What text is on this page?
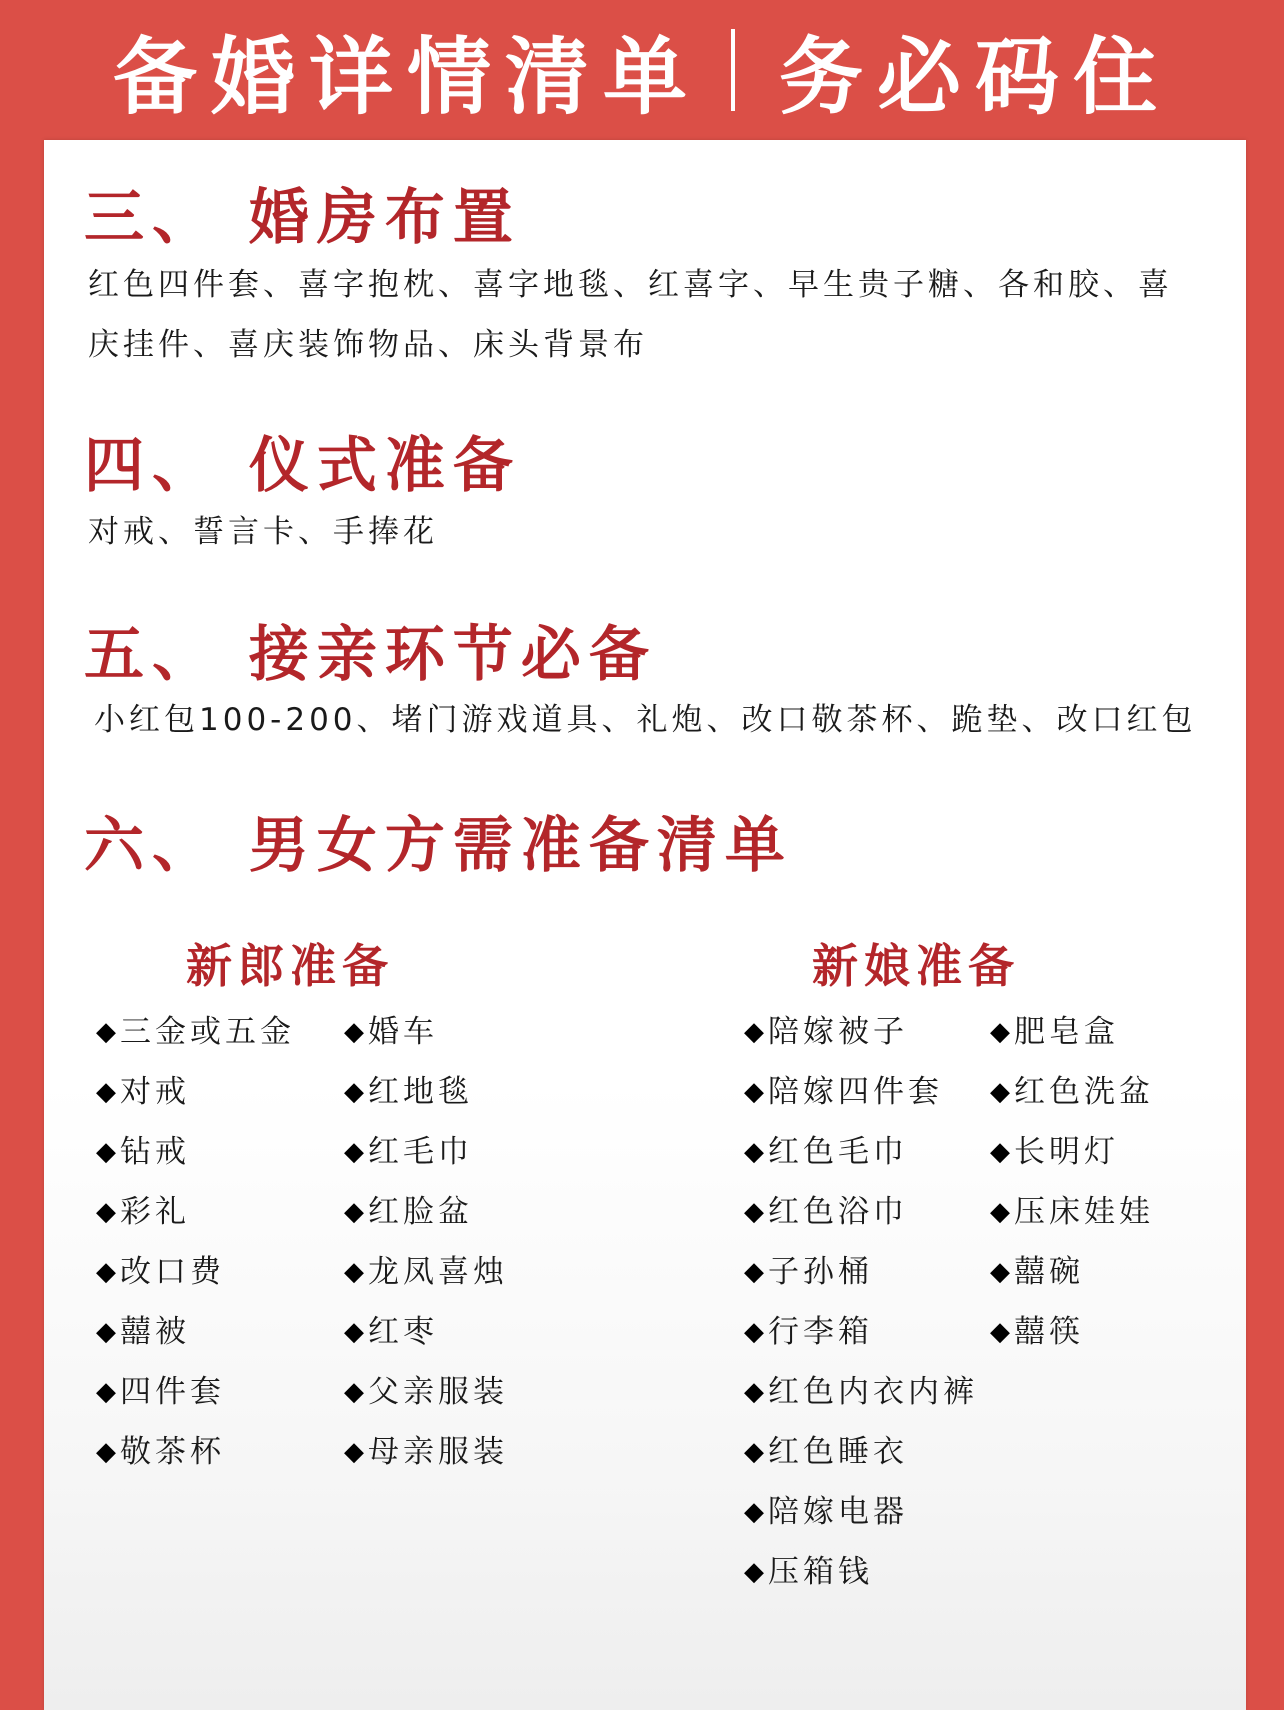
备婚详情清单 务必码住
三、 婚房布置
红色四件套、喜字抱枕、喜字地毯、红喜字、早生贵子糖、各和胶、喜
庆挂件、喜庆装饰物品、床头背景布
四、 仪式准备
对戒、誓言卡、手捧花
五、 接亲环节必备
小红包100-200、堵门游戏道具、礼炮、改口敬茶杯、跪垫、改口红包
六、 男女方需准备清单
新郎准备	新娘准备
◆ 三金或五金
◆ 对戒
◆ 钻戒
◆ 彩礼
◆ 改口费
◆ 囍被
◆ 四件套
◆ 敬茶杯
◆ 婚车
◆ 红地毯
◆ 红毛巾
◆ 红脸盆
◆ 龙凤喜烛
◆ 红枣
◆ 父亲服装
◆ 母亲服装
◆ 陪嫁被子
◆ 陪嫁四件套
◆ 红色毛巾
◆ 红色浴巾
◆ 子孙桶
◆ 行李箱
◆ 红色内衣内裤
◆ 红色睡衣
◆ 陪嫁电器
◆ 压箱钱
◆ 肥皂盒
◆ 红色洗盆
◆ 长明灯
◆ 压床娃娃
◆ 囍碗
◆ 囍筷
